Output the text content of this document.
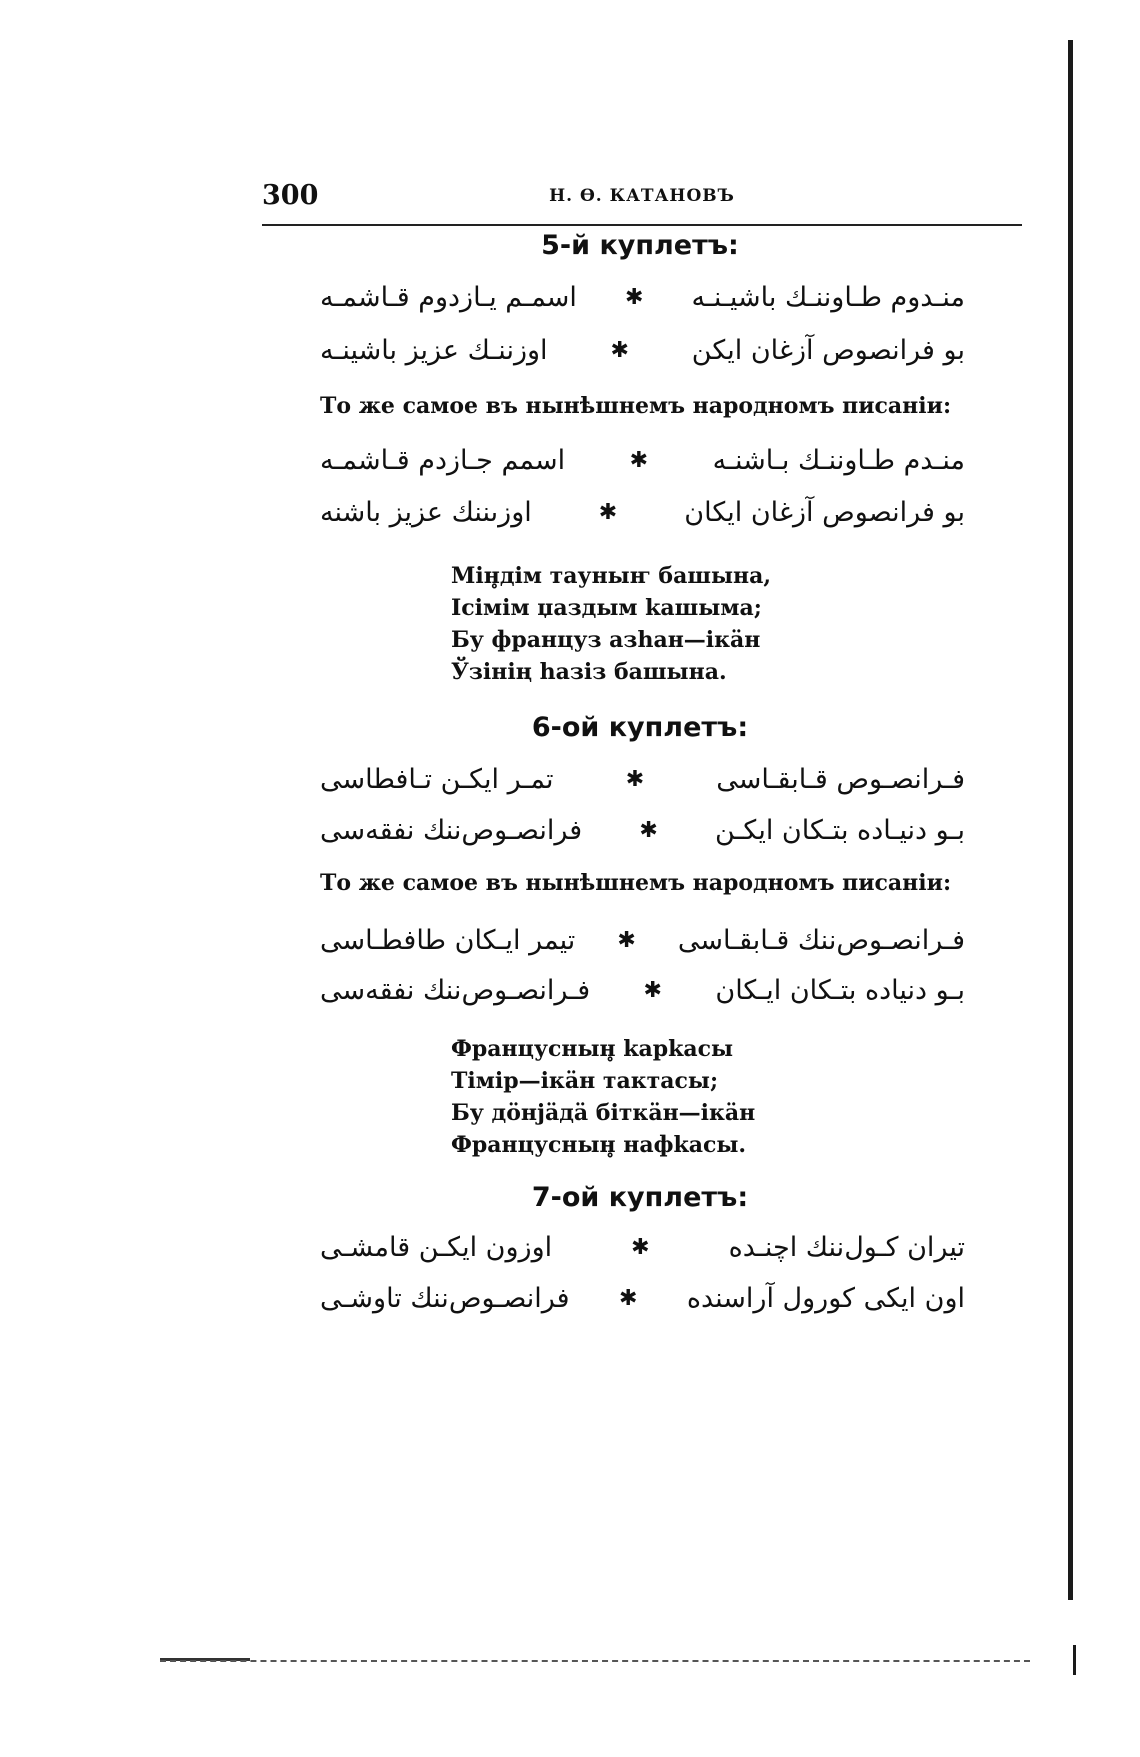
300	Н. Ѳ. КАТАНОВЪ
5-й куплетъ:
منـدوم طـاوننـك باشيـنـه
✱
اسمـم يـازدوم قـاشمـه
بو فرانصوص آزغان ايكن
✱
اوزننـك عزيز باشينـه
То же самое въ нынѣшнемъ народномъ писаніи:
منـدم طـاوننـك بـاشنـه
✱
اسمم جـازدم قـاشمـه
بو فرانصوص آزغان ايكان
✱
اوزىننك عزيز باشنه
Мін̥дім тауныҥ башына,
Ісімім џаздым kашыма;
Бу француз азһан—ікäн
Ўзінің һазіз башына.
6-ой куплетъ:
فـرانصـوص قـابقـاسى
✱
تمـر ايكـن تـافطاسى
بـو دنيـاده بتـكان ايكـن
✱
فرانصـوص‌ننك نفقه‌سى
То же самое въ нынѣшнемъ народномъ писаніи:
فـرانصـوص‌ننك قـابقـاسى
✱
تيمر ايـكان طافطـاسى
بـو دنياده بتـكان ايـكان
✱
فـرانصـوص‌ننك نفقه‌سى
Француснын̥ kapkасы
Тімір—ікäн тактасы;
Бу дöнjäдä біткäн—ікäн
Француснын̥ нафkасы.
7-ой куплетъ:
تيران كـول‌ننك اچنـده
✱
اوزون ايكـن قامشـى
اون ايكى كورول آراسنده
✱
فرانصـوص‌ننك تاوشـى
